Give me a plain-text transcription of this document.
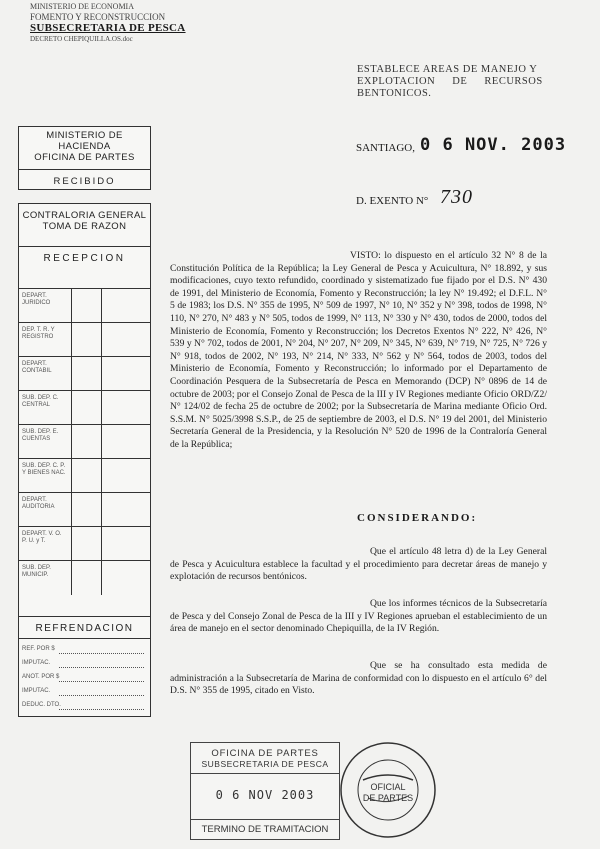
MINISTERIO DE ECONOMIA
FOMENTO Y RECONSTRUCCION
SUBSECRETARIA DE PESCA
DECRETO CHEPIQUILLA.OS.doc
ESTABLECE AREAS DE MANEJO Y
EXPLOTACION DE RECURSOS
BENTONICOS.
SANTIAGO, 0 6 NOV. 2003
D. EXENTO N° 730
MINISTERIO DE HACIENDA
OFICINA DE PARTES
RECIBIDO
CONTRALORIA GENERAL
TOMA DE RAZON
RECEPCION
DEPART. JURIDICO
DEP. T. R. Y REGISTRO
DEPART. CONTABIL
SUB. DEP. C. CENTRAL
SUB. DEP. E. CUENTAS
SUB. DEP. C. P. Y BIENES NAC.
DEPART. AUDITORIA
DEPART. V. O. P. U. y T.
SUB. DEP. MUNICIP.
REFRENDACION
REF. POR $
IMPUTAC.
ANOT. POR $
IMPUTAC.
DEDUC. DTO.
VISTO: lo dispuesto en el artículo 32 N° 8 de la Constitución Política de la República; la Ley General de Pesca y Acuicultura, N° 18.892, y sus modificaciones, cuyo texto refundido, coordinado y sistematizado fue fijado por el D.S. N° 430 de 1991, del Ministerio de Economía, Fomento y Reconstrucción; la ley N° 19.492; el D.F.L. N° 5 de 1983; los D.S. N° 355 de 1995, N° 509 de 1997, N° 10, N° 352 y N° 398, todos de 1998, N° 110, N° 270, N° 483 y N° 505, todos de 1999, N° 113, N° 330 y N° 430, todos de 2000, todos del Ministerio de Economía, Fomento y Reconstrucción; los Decretos Exentos N° 222, N° 426, N° 539 y N° 702, todos de 2001, N° 204, N° 207, N° 209, N° 345, N° 639, N° 719, N° 725, N° 726 y N° 918, todos de 2002, N° 193, N° 214, N° 333, N° 562 y N° 564, todos de 2003, todos del Ministerio de Economía, Fomento y Reconstrucción; lo informado por el Departamento de Coordinación Pesquera de la Subsecretaría de Pesca en Memorando (DCP) N° 0896 de 14 de octubre de 2003; por el Consejo Zonal de Pesca de la III y IV Regiones mediante Oficio ORD/Z2/ N° 124/02 de fecha 25 de octubre de 2002; por la Subsecretaría de Marina mediante Oficio Ord. S.S.M. N° 5025/3998 S.S.P., de 25 de septiembre de 2003, el D.S. N° 19 del 2001, del Ministerio Secretaría General de la Presidencia, y la Resolución N° 520 de 1996 de la Contraloría General de la República;
CONSIDERANDO:
Que el artículo 48 letra d) de la Ley General de Pesca y Acuicultura establece la facultad y el procedimiento para decretar áreas de manejo y explotación de recursos bentónicos.
Que los informes técnicos de la Subsecretaría de Pesca y del Consejo Zonal de Pesca de la III y IV Regiones aprueban el establecimiento de un área de manejo en el sector denominado Chepiquilla, de la IV Región.
Que se ha consultado esta medida de administración a la Subsecretaría de Marina de conformidad con lo dispuesto en el artículo 6° del D.S. N° 355 de 1995, citado en Visto.
OFICINA DE PARTES
SUBSECRETARIA DE PESCA
0 6 NOV 2003
TERMINO DE TRAMITACION
OFICIAL
DE PARTES
